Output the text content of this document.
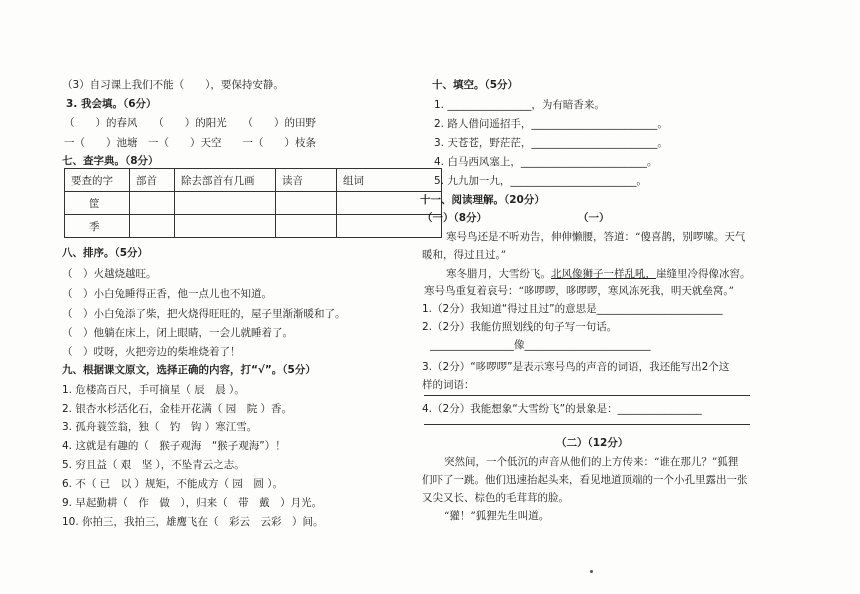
（3）自习课上我们不能（　　），要保持安静。
3. 我会填。（6分）
（　　）的春风　　（　　）的阳光　　（　　）的田野
一（　　）池塘　一（　　）天空　　一（　　）枝条
七、查字典。（8分）
要查的字	部首	除去部首有几画	读音	组词
筐				
季				
八、排序。（5分）
（　）火越烧越旺。
（　）小白兔睡得正香，他一点儿也不知道。
（　）小白兔添了柴，把火烧得旺旺的，屋子里渐渐暖和了。
（　）他躺在床上，闭上眼睛，一会儿就睡着了。
（　）哎呀，火把旁边的柴堆烧着了！
九、根据课文原文，选择正确的内容，打“√”。（5分）
1. 危楼高百尺，手可摘星（ 辰　晨 ）。
2. 银杏水杉活化石，金桂开花满（ 园　院 ）香。
3. 孤舟蓑笠翁，独（　钓　钩 ）寒江雪。
4. 这就是有趣的（　猴子观海　“猴子观海”）！
5. 穷且益（ 艰　坚 ），不坠青云之志。
6. 不（ 已　以 ）规矩，不能成方（ 园　圆 ）。
9. 早起勤耕（　作　做　），归来（　带　戴　）月光。
10. 你拍三，我拍三，雄鹰飞在（　彩云　云彩　）间。
十、填空。（5分）
1. ________________，为有暗香来。
2. 路人借问遥招手，________________________。
3. 天苍苍，野茫茫，________________________。
4. 白马西风塞上，________________________。
5. 九九加一九，________________________。
十一、阅读理解。（20分）
（一）（8分）	（一）
寒号鸟还是不听劝告，伸伸懒腰，答道：“傻喜鹊，别啰嗦。天气
暖和，得过且过。”
寒冬腊月，大雪纷飞。北风像狮子一样乱吼，崖缝里冷得像冰窖。
寒号鸟重复着哀号：“哆啰啰，哆啰啰，寒风冻死我，明天就垒窝。”
1.（2分）我知道“得过且过”的意思是________________________
2.（2分）我能仿照划线的句子写一句话。
________________像________________________
3.（2分）“哆啰啰”是表示寒号鸟的声音的词语，我还能写出2个这
样的词语：
4.（2分）我能想象“大雪纷飞”的景象是：________________
（二）（12分）
突然间，一个低沉的声音从他们的上方传来：“谁在那儿？”狐狸
们吓了一跳。他们迅速抬起头来，看见地道顶端的一个小孔里露出一张
又尖又长、棕色的毛茸茸的脸。
“獾！”狐狸先生叫道。
